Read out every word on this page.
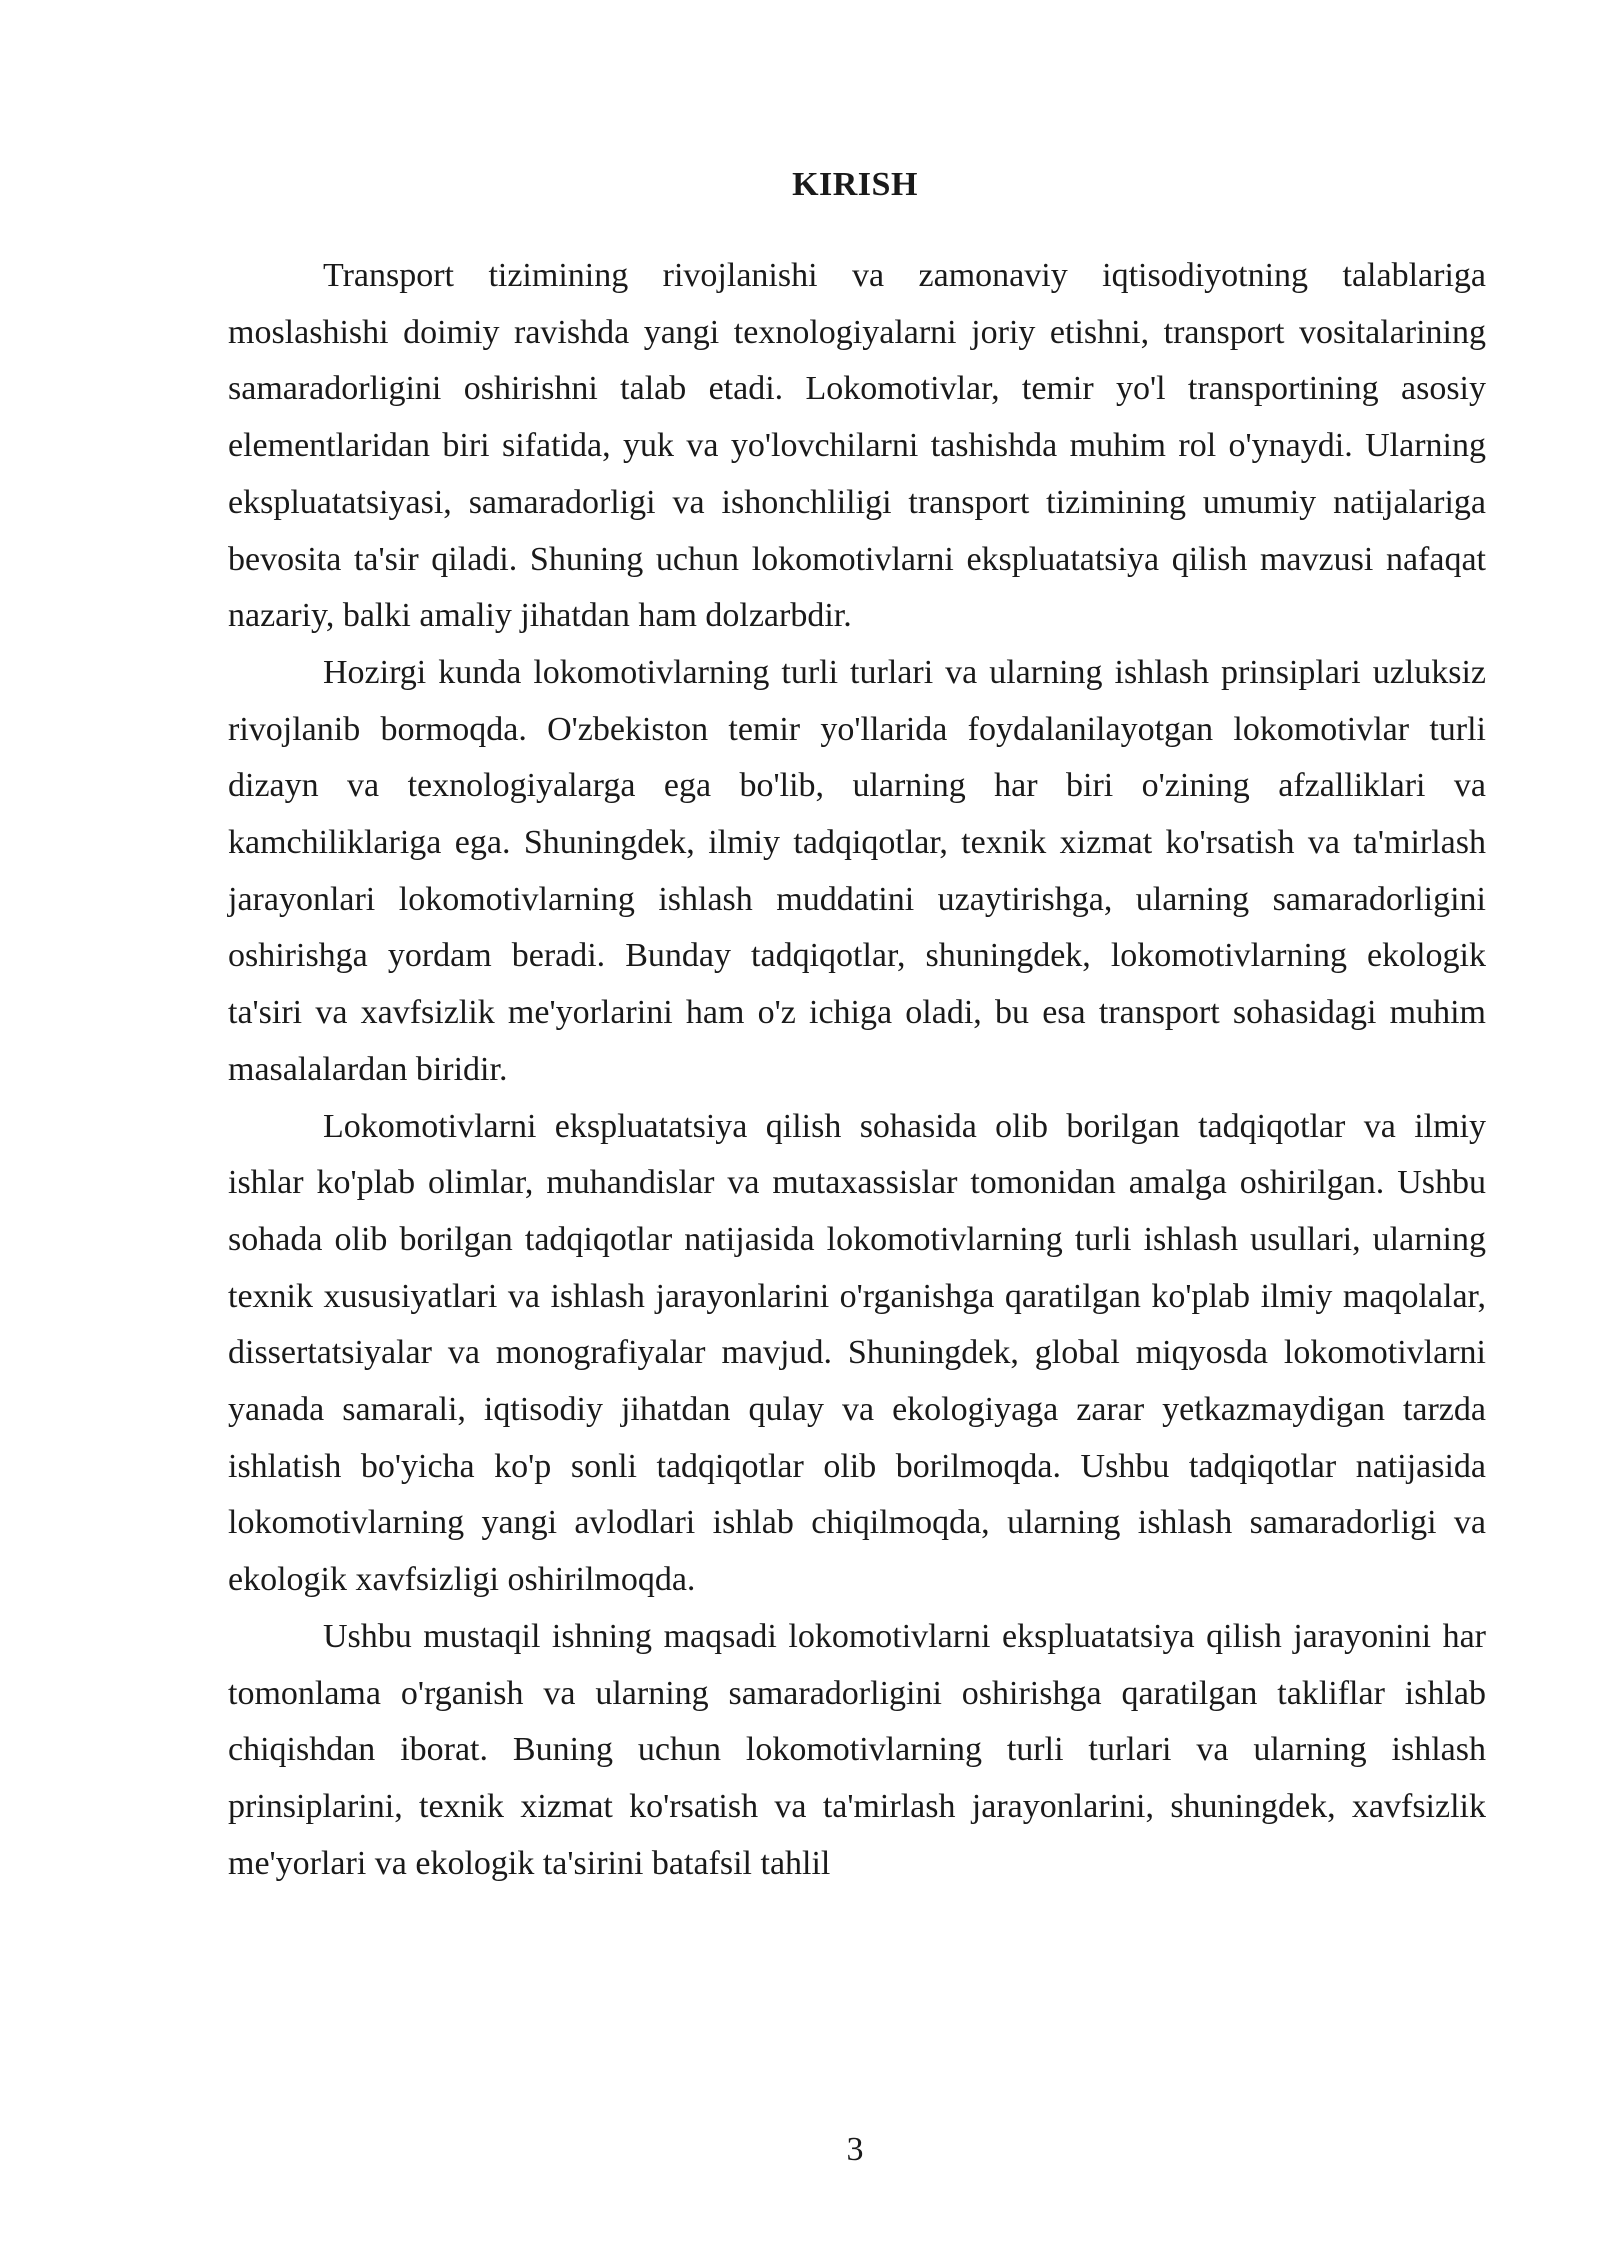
KIRISH

Transport tizimining rivojlanishi va zamonaviy iqtisodiyotning talablariga moslashishi doimiy ravishda yangi texnologiyalarni joriy etishni, transport vositalarining samaradorligini oshirishni talab etadi. Lokomotivlar, temir yo'l transportining asosiy elementlaridan biri sifatida, yuk va yo'lovchilarni tashishda muhim rol o'ynaydi. Ularning ekspluatatsiyasi, samaradorligi va ishonchliligi transport tizimining umumiy natijalariga bevosita ta'sir qiladi. Shuning uchun lokomotivlarni ekspluatatsiya qilish mavzusi nafaqat nazariy, balki amaliy jihatdan ham dolzarbdir.

Hozirgi kunda lokomotivlarning turli turlari va ularning ishlash prinsiplari uzluksiz rivojlanib bormoqda. O'zbekiston temir yo'llarida foydalanilayotgan lokomotivlar turli dizayn va texnologiyalarga ega bo'lib, ularning har biri o'zining afzalliklari va kamchiliklariga ega. Shuningdek, ilmiy tadqiqotlar, texnik xizmat ko'rsatish va ta'mirlash jarayonlari lokomotivlarning ishlash muddatini uzaytirishga, ularning samaradorligini oshirishga yordam beradi. Bunday tadqiqotlar, shuningdek, lokomotivlarning ekologik ta'siri va xavfsizlik me'yorlarini ham o'z ichiga oladi, bu esa transport sohasidagi muhim masalalardan biridir.

Lokomotivlarni ekspluatatsiya qilish sohasida olib borilgan tadqiqotlar va ilmiy ishlar ko'plab olimlar, muhandislar va mutaxassislar tomonidan amalga oshirilgan. Ushbu sohada olib borilgan tadqiqotlar natijasida lokomotivlarning turli ishlash usullari, ularning texnik xususiyatlari va ishlash jarayonlarini o'rganishga qaratilgan ko'plab ilmiy maqolalar, dissertatsiyalar va monografiyalar mavjud. Shuningdek, global miqyosda lokomotivlarni yanada samarali, iqtisodiy jihatdan qulay va ekologiyaga zarar yetkazmaydigan tarzda ishlatish bo'yicha ko'p sonli tadqiqotlar olib borilmoqda. Ushbu tadqiqotlar natijasida lokomotivlarning yangi avlodlari ishlab chiqilmoqda, ularning ishlash samaradorligi va ekologik xavfsizligi oshirilmoqda.

Ushbu mustaqil ishning maqsadi lokomotivlarni ekspluatatsiya qilish jarayonini har tomonlama o'rganish va ularning samaradorligini oshirishga qaratilgan takliflar ishlab chiqishdan iborat. Buning uchun lokomotivlarning turli turlari va ularning ishlash prinsiplarini, texnik xizmat ko'rsatish va ta'mirlash jarayonlarini, shuningdek, xavfsizlik me'yorlari va ekologik ta'sirini batafsil tahlil

3
